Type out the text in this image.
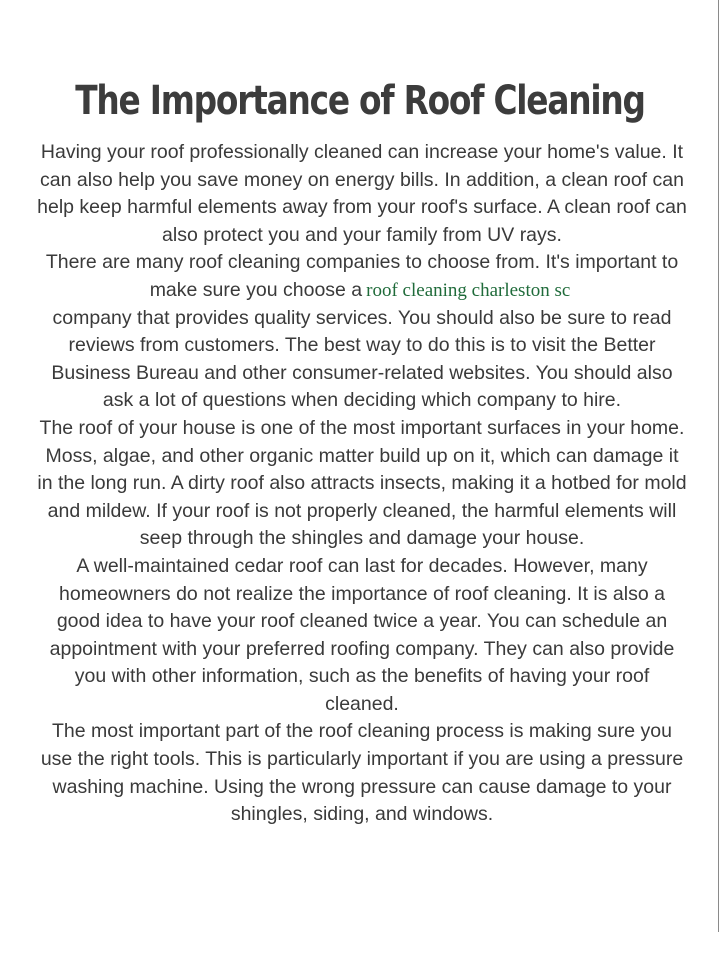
The Importance of Roof Cleaning

Having your roof professionally cleaned can increase your home's value. It can also help you save money on energy bills. In addition, a clean roof can help keep harmful elements away from your roof's surface. A clean roof can also protect you and your family from UV rays.

There are many roof cleaning companies to choose from. It's important to make sure you choose a roof cleaning charleston sc
company that provides quality services. You should also be sure to read reviews from customers. The best way to do this is to visit the Better Business Bureau and other consumer-related websites. You should also ask a lot of questions when deciding which company to hire.

The roof of your house is one of the most important surfaces in your home. Moss, algae, and other organic matter build up on it, which can damage it in the long run. A dirty roof also attracts insects, making it a hotbed for mold and mildew. If your roof is not properly cleaned, the harmful elements will seep through the shingles and damage your house.

A well-maintained cedar roof can last for decades. However, many homeowners do not realize the importance of roof cleaning. It is also a good idea to have your roof cleaned twice a year. You can schedule an appointment with your preferred roofing company. They can also provide you with other information, such as the benefits of having your roof cleaned.

The most important part of the roof cleaning process is making sure you use the right tools. This is particularly important if you are using a pressure washing machine. Using the wrong pressure can cause damage to your shingles, siding, and windows.
